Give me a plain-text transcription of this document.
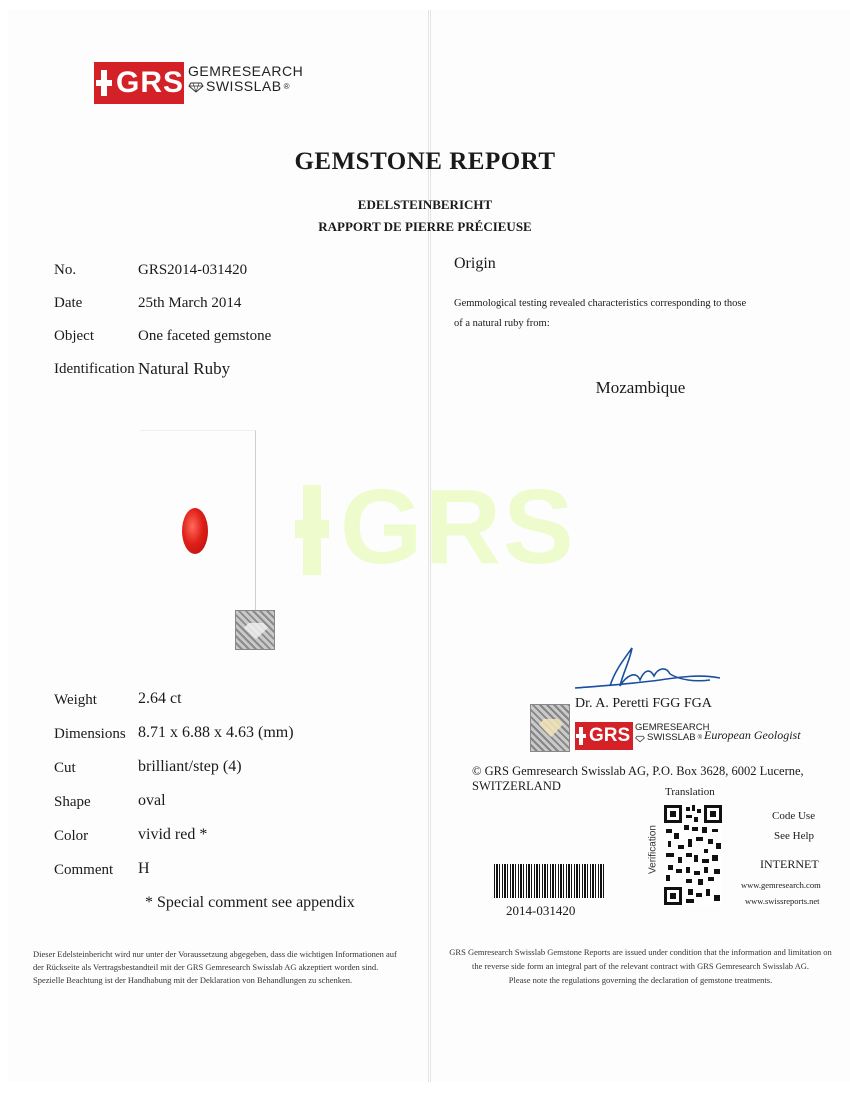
GRS GEMRESEARCH
SWISSLAB ®
GEMSTONE REPORT
EDELSTEINBERICHT
RAPPORT DE PIERRE PRÉCIEUSE
No.	GRS2014-031420
Date	25th March 2014
Object	One faceted gemstone
Identification Natural Ruby
Weight	2.64 ct
Dimensions 8.71 x 6.88 x 4.63 (mm)
Cut	brilliant/step (4)
Shape	oval
Color	vivid red *
Comment H
* Special comment see appendix
Dieser Edelsteinbericht wird nur unter der Voraussetzung abgegeben, dass die wichtigen Informationen auf der Rückseite als Vertragsbestandteil mit der GRS Gemresearch Swisslab AG akzeptiert worden sind. Spezielle Beachtung ist der Handhabung mit der Deklaration von Behandlungen zu schenken.
Origin
Gemmological testing revealed characteristics corresponding to those
of a natural ruby from:
Mozambique
GRS
Dr. A. Peretti FGG FGA
GRS GEMRESEARCH
SWISSLAB ® European Geologist
© GRS Gemresearch Swisslab AG, P.O. Box 3628, 6002 Lucerne, SWITZERLAND	Translation
Verification
Code Use
See Help
INTERNET
www.gemresearch.com
www.swissreports.net
2014-031420
GRS Gemresearch Swisslab Gemstone Reports are issued under condition that the information and limitation on
the reverse side form an integral part of the relevant contract with GRS Gemresearch Swisslab AG.
Please note the regulations governing the declaration of gemstone treatments.
